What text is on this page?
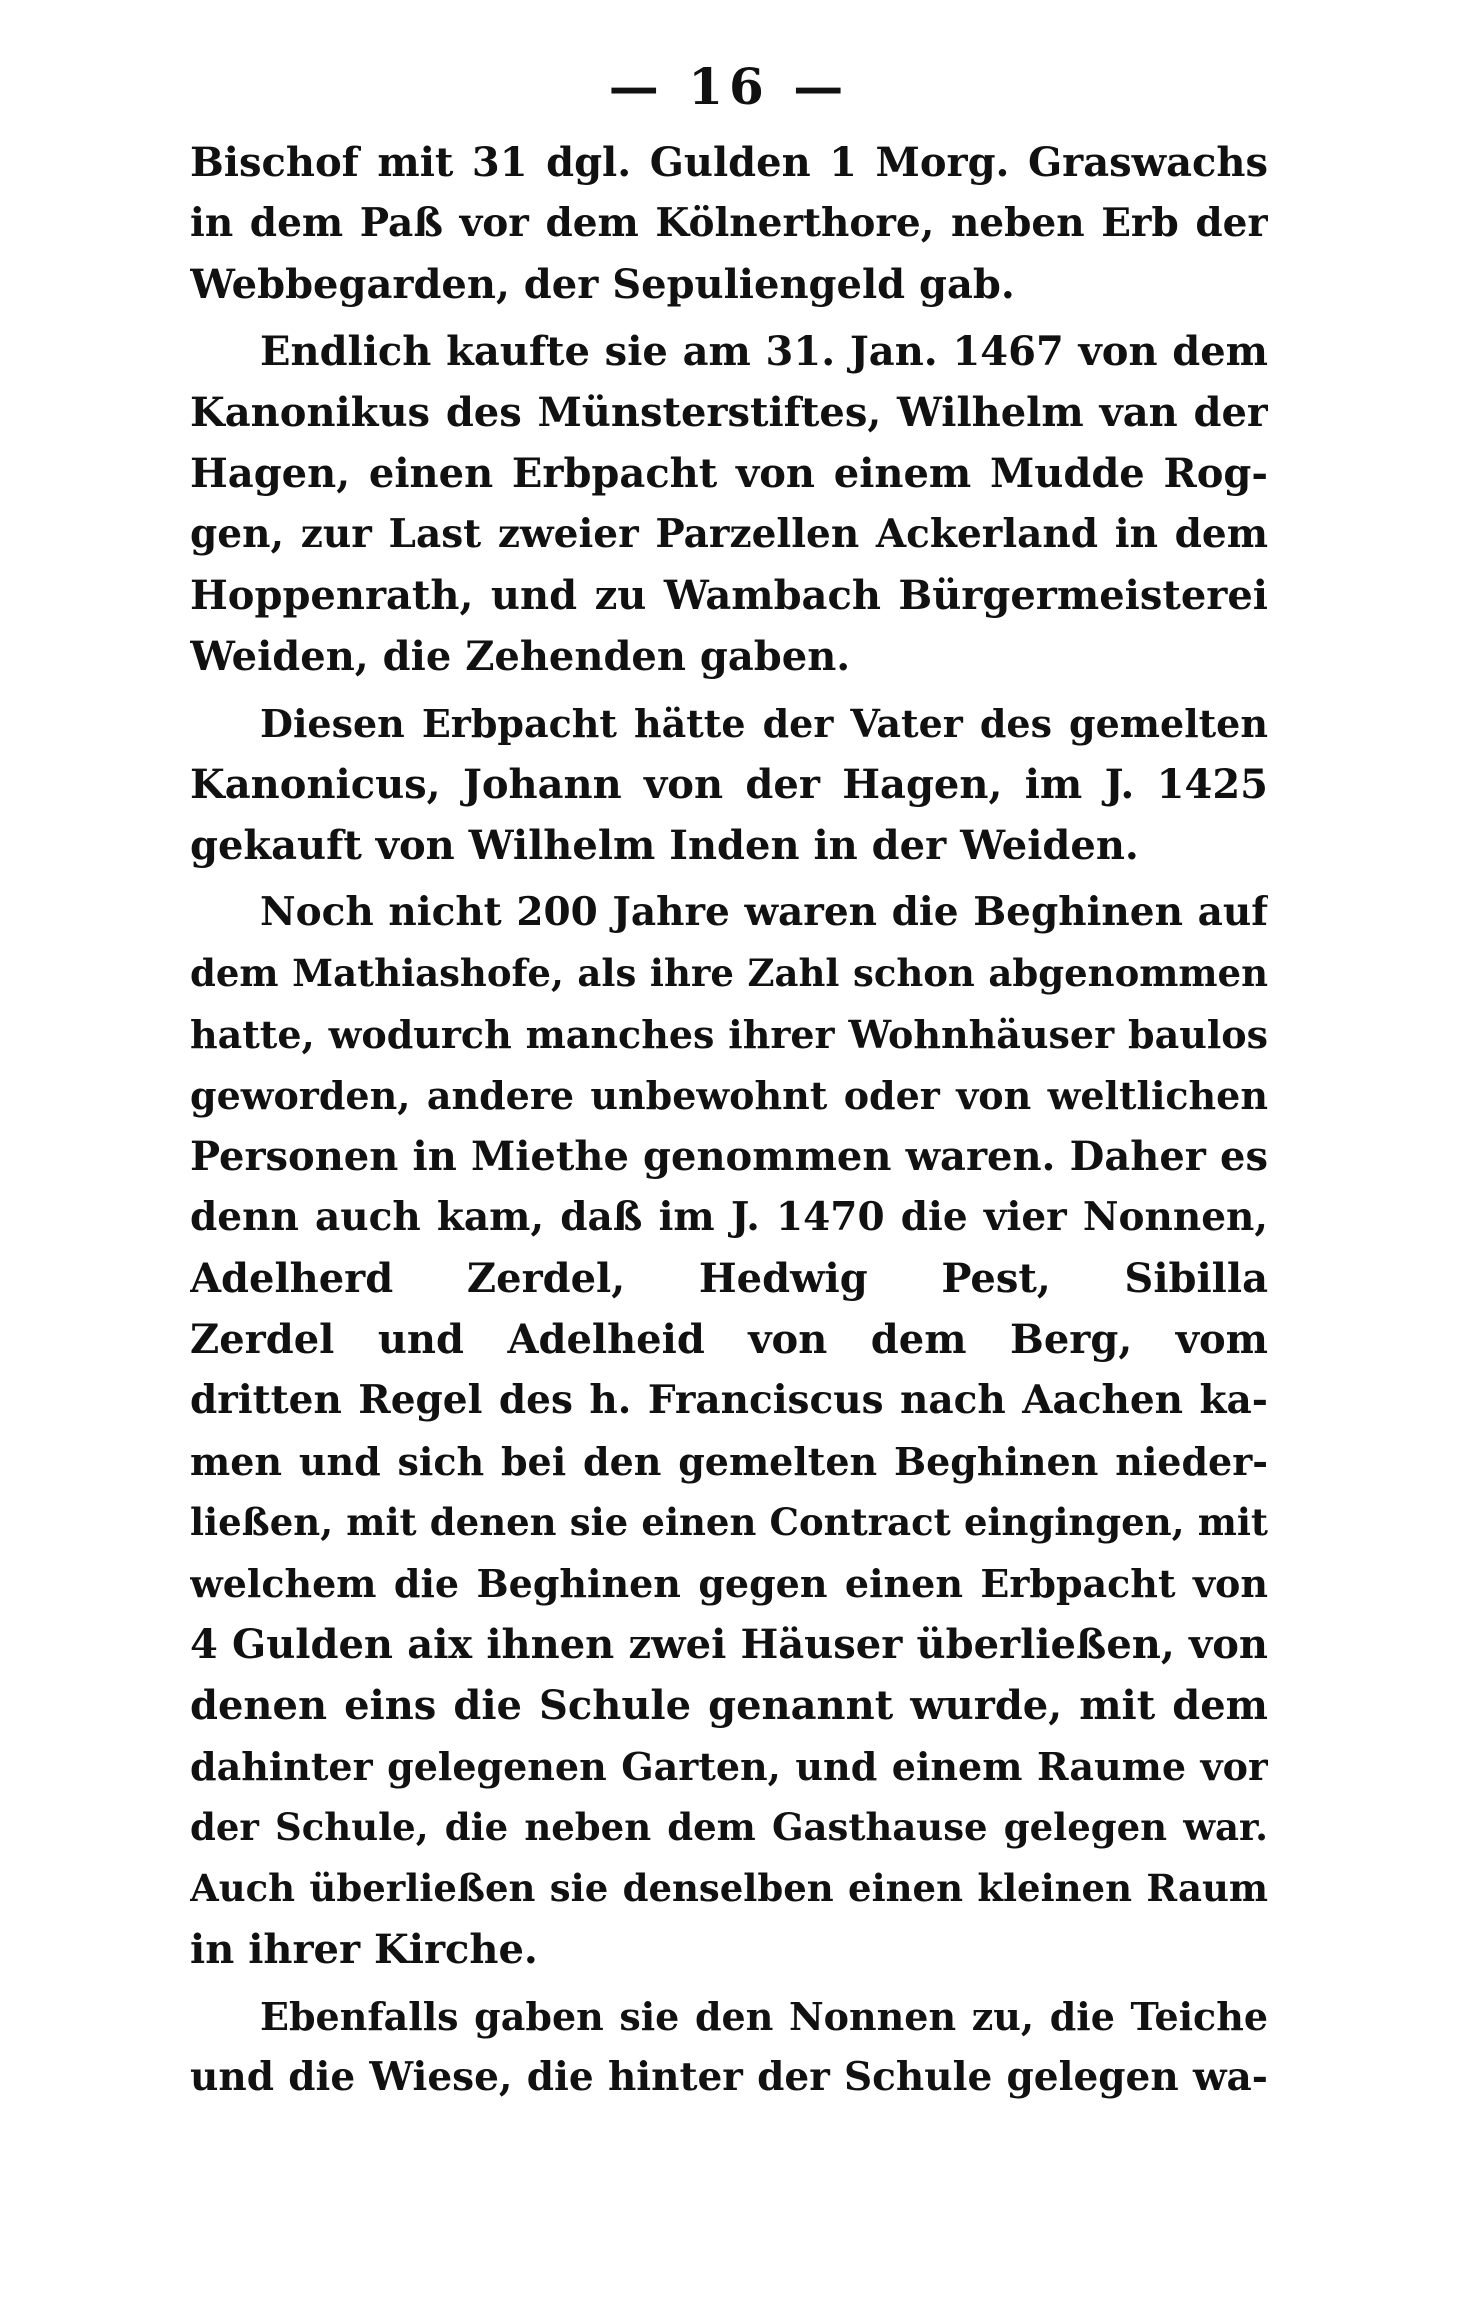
— 16 —

Bischof mit 31 dgl. Gulden 1 Morg. Graswachs
in dem Paß vor dem Kölnerthore, neben Erb der
Webbegarden, der Sepuliengeld gab.

Endlich kaufte sie am 31. Jan. 1467 von dem
Kanonikus des Münsterstiftes, Wilhelm van der
Hagen, einen Erbpacht von einem Mudde Rog-
gen, zur Last zweier Parzellen Ackerland in dem
Hoppenrath, und zu Wambach Bürgermeisterei
Weiden, die Zehenden gaben.

Diesen Erbpacht hätte der Vater des gemelten
Kanonicus, Johann von der Hagen, im J. 1425
gekauft von Wilhelm Inden in der Weiden.

Noch nicht 200 Jahre waren die Beghinen auf
dem Mathiashofe, als ihre Zahl schon abgenommen
hatte, wodurch manches ihrer Wohnhäuser baulos
geworden, andere unbewohnt oder von weltlichen
Personen in Miethe genommen waren. Daher es
denn auch kam, daß im J. 1470 die vier Nonnen,
Adelherd Zerdel, Hedwig Pest, Sibilla
Zerdel und Adelheid von dem Berg, vom
dritten Regel des h. Franciscus nach Aachen ka-
men und sich bei den gemelten Beghinen nieder-
ließen, mit denen sie einen Contract eingingen, mit
welchem die Beghinen gegen einen Erbpacht von
4 Gulden aix ihnen zwei Häuser überließen, von
denen eins die Schule genannt wurde, mit dem
dahinter gelegenen Garten, und einem Raume vor
der Schule, die neben dem Gasthause gelegen war.
Auch überließen sie denselben einen kleinen Raum
in ihrer Kirche.

Ebenfalls gaben sie den Nonnen zu, die Teiche
und die Wiese, die hinter der Schule gelegen wa-
